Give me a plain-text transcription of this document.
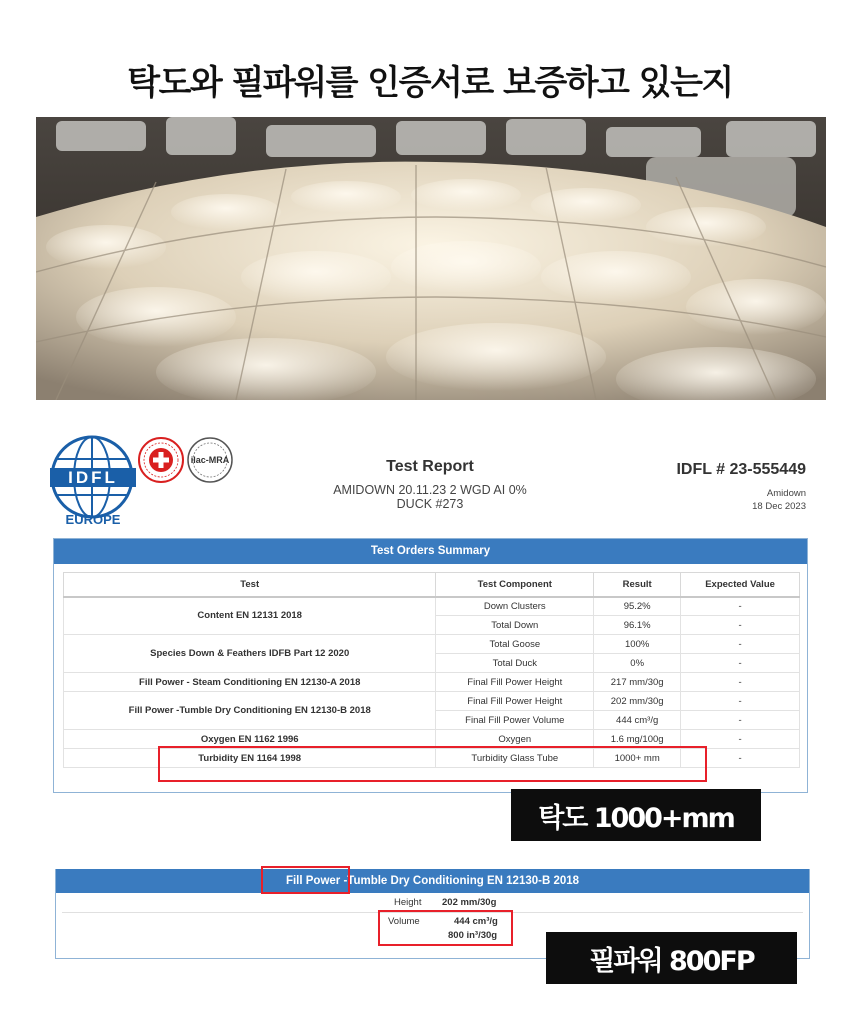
탁도와 필파워를 인증서로 보증하고 있는지
IDFL
EUROPE
ilac-MRA	Test Report
AMIDOWN 20.11.23 2 WGD AI 0%
DUCK #273
IDFL # 23-555449
Amidown
18 Dec 2023
Test Orders Summary
Test	Test Component	Result	Expected Value
Content EN 12131 2018	Down Clusters	95.2%	-
	Total Down	96.1%	-
Species Down & Feathers IDFB Part 12 2020	Total Goose	100%	-
	Total Duck	0%	-
Fill Power - Steam Conditioning EN 12130-A 2018	Final Fill Power Height	217 mm/30g	-
Fill Power -Tumble Dry Conditioning EN 12130-B 2018	Final Fill Power Height	202 mm/30g	-
	Final Fill Power Volume	444 cm³/g	-
Oxygen EN 1162 1996	Oxygen	1.6 mg/100g	-
Turbidity EN 1164 1998	Turbidity Glass Tube	1000+ mm	-
탁도 1000+mm
Fill Power -Tumble Dry Conditioning EN 12130-B 2018
Height 202 mm/30g
Volume	444 cm³/g
800 in³/30g
필파워 800FP
